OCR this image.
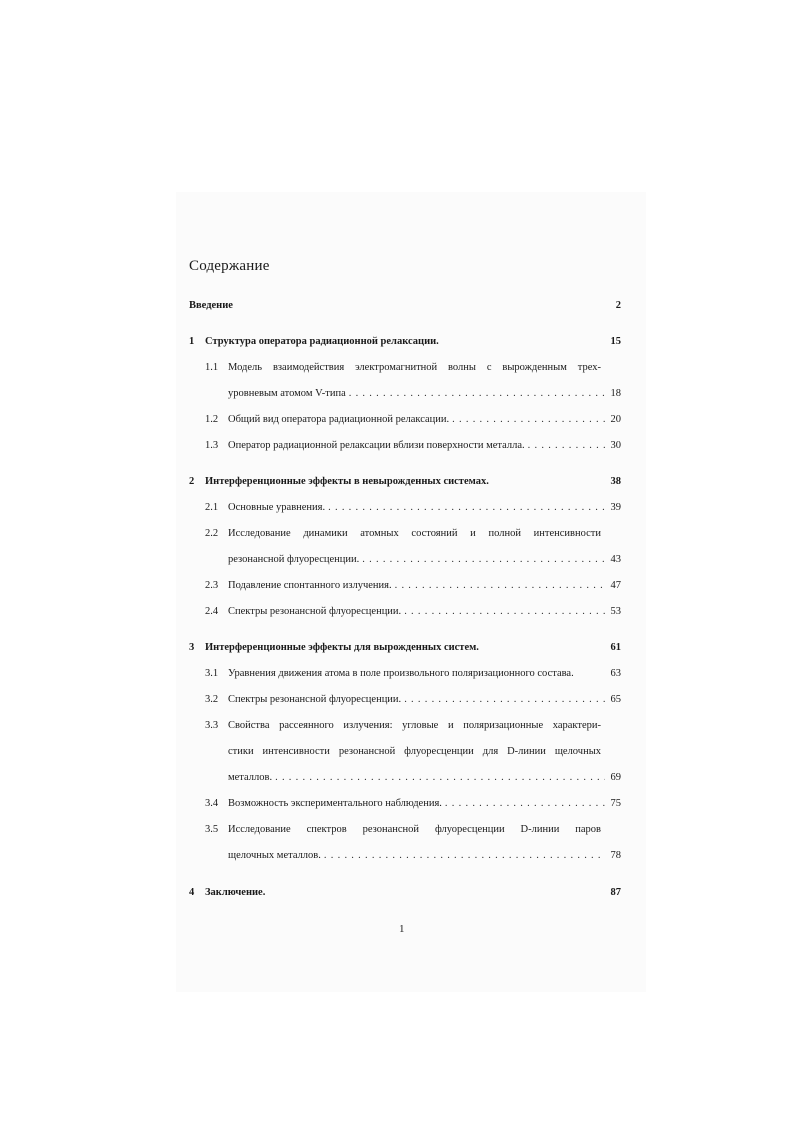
Содержание
Введение	2
1	Структура оператора радиационной релаксации.	15
1.1 Модель взаимодействия электромагнитной волны с вырожденным трех-
уровневым атомом V-типа . . .	18
1.2 Общий вид оператора радиационной релаксации. . . .	20
1.3 Оператор радиационной релаксации вблизи поверхности металла. . . .	30
2	Интерференционные эффекты в невырожденных системах.	38
2.1 Основные уравнения. . . .	39
2.2 Исследование динамики атомных состояний и полной интенсивности
резонансной флуоресценции. . . .	43
2.3 Подавление спонтанного излучения. . . .	47
2.4 Спектры резонансной флуоресценции. . . .	53
3	Интерференционные эффекты для вырожденных систем.	61
3.1 Уравнения движения атома в поле произвольного поляризационного состава.	63
3.2 Спектры резонансной флуоресценции. . . .	65
3.3 Свойства рассеянного излучения: угловые и поляризационные характери-
стики интенсивности резонансной флуоресценции для D-линии щелочных
металлов. . . .	69
3.4 Возможность экспериментального наблюдения. . . .	75
3.5 Исследование спектров резонансной флуоресценции D-линии паров
щелочных металлов. . . .	78
4	Заключение.	87
1
